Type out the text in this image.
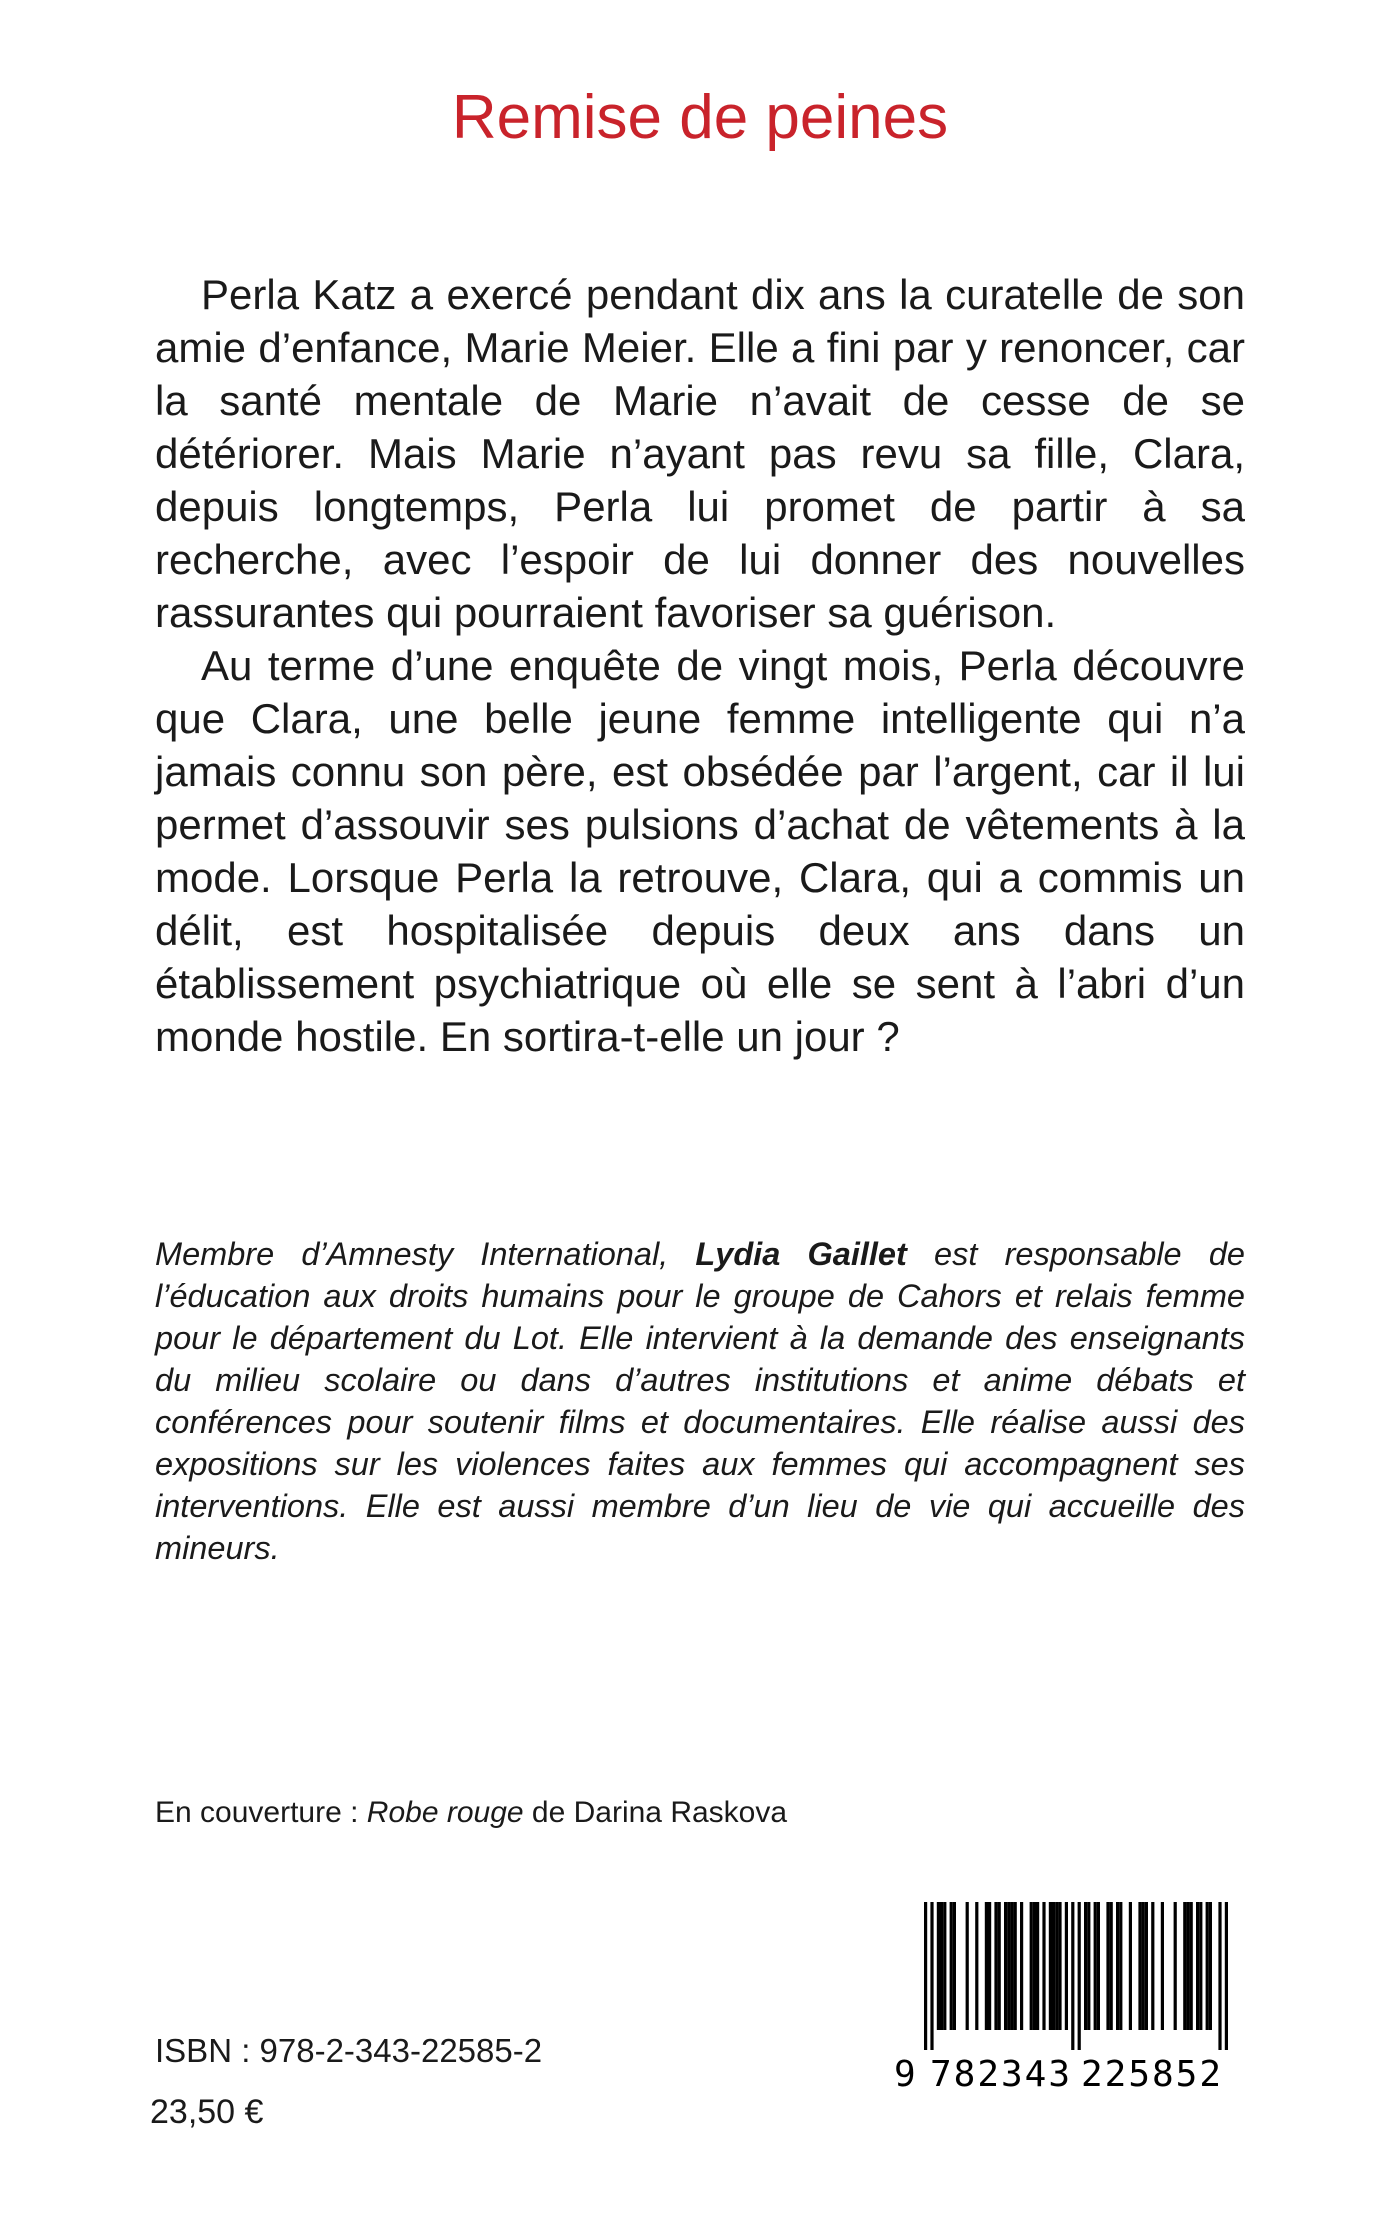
Remise de peines

Perla Katz a exercé pendant dix ans la curatelle de son amie d’enfance, Marie Meier. Elle a fini par y renoncer, car la santé mentale de Marie n’avait de cesse de se détériorer. Mais Marie n’ayant pas revu sa fille, Clara, depuis longtemps, Perla lui promet de partir à sa recherche, avec l’espoir de lui donner des nouvelles rassurantes qui pourraient favoriser sa guérison.

Au terme d’une enquête de vingt mois, Perla découvre que Clara, une belle jeune femme intelligente qui n’a jamais connu son père, est obsédée par l’argent, car il lui permet d’assouvir ses pulsions d’achat de vêtements à la mode. Lorsque Perla la retrouve, Clara, qui a commis un délit, est hospitalisée depuis deux ans dans un établissement psychiatrique où elle se sent à l’abri d’un monde hostile. En sortira-t-elle un jour ?

Membre d’Amnesty International, Lydia Gaillet est responsable de l’éducation aux droits humains pour le groupe de Cahors et relais femme pour le département du Lot. Elle intervient à la demande des enseignants du milieu scolaire ou dans d’autres institutions et anime débats et conférences pour soutenir films et documentaires. Elle réalise aussi des expositions sur les violences faites aux femmes qui accompagnent ses interventions. Elle est aussi membre d’un lieu de vie qui accueille des mineurs.

En couverture : Robe rouge de Darina Raskova

ISBN : 978-2-343-22585-2

23,50 €

9 782343 225852
